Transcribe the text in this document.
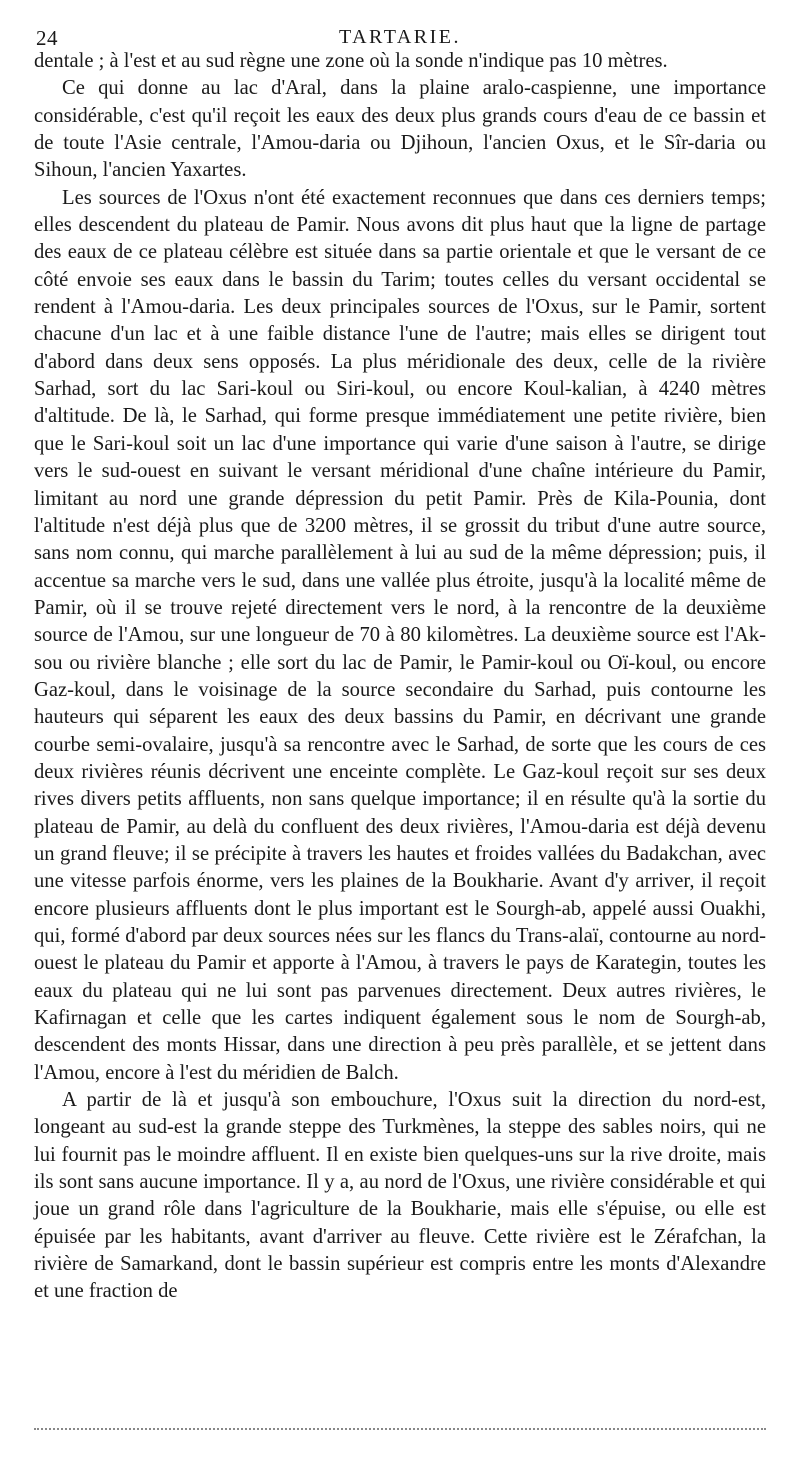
24	TARTARIE.

dentale ; à l'est et au sud règne une zone où la sonde n'indique pas 10 mètres.

Ce qui donne au lac d'Aral, dans la plaine aralo-caspienne, une importance considérable, c'est qu'il reçoit les eaux des deux plus grands cours d'eau de ce bassin et de toute l'Asie centrale, l'Amou-daria ou Djihoun, l'ancien Oxus, et le Sîr-daria ou Sihoun, l'ancien Yaxartes.

Les sources de l'Oxus n'ont été exactement reconnues que dans ces derniers temps; elles descendent du plateau de Pamir. Nous avons dit plus haut que la ligne de partage des eaux de ce plateau célèbre est située dans sa partie orientale et que le versant de ce côté envoie ses eaux dans le bassin du Tarim; toutes celles du versant occidental se rendent à l'Amou-daria. Les deux principales sources de l'Oxus, sur le Pamir, sortent chacune d'un lac et à une faible distance l'une de l'autre; mais elles se dirigent tout d'abord dans deux sens opposés. La plus méridionale des deux, celle de la rivière Sarhad, sort du lac Sari-koul ou Siri-koul, ou encore Koul-kalian, à 4240 mètres d'altitude. De là, le Sarhad, qui forme presque immédiatement une petite rivière, bien que le Sari-koul soit un lac d'une importance qui varie d'une saison à l'autre, se dirige vers le sud-ouest en suivant le versant méridional d'une chaîne intérieure du Pamir, limitant au nord une grande dépression du petit Pamir. Près de Kila-Pounia, dont l'altitude n'est déjà plus que de 3200 mètres, il se grossit du tribut d'une autre source, sans nom connu, qui marche parallèlement à lui au sud de la même dépression; puis, il accentue sa marche vers le sud, dans une vallée plus étroite, jusqu'à la localité même de Pamir, où il se trouve rejeté directement vers le nord, à la rencontre de la deuxième source de l'Amou, sur une longueur de 70 à 80 kilomètres. La deuxième source est l'Ak-sou ou rivière blanche ; elle sort du lac de Pamir, le Pamir-koul ou Oï-koul, ou encore Gaz-koul, dans le voisinage de la source secondaire du Sarhad, puis contourne les hauteurs qui séparent les eaux des deux bassins du Pamir, en décrivant une grande courbe semi-ovalaire, jusqu'à sa rencontre avec le Sarhad, de sorte que les cours de ces deux rivières réunis décrivent une enceinte complète. Le Gaz-koul reçoit sur ses deux rives divers petits affluents, non sans quelque importance; il en résulte qu'à la sortie du plateau de Pamir, au delà du confluent des deux rivières, l'Amou-daria est déjà devenu un grand fleuve; il se précipite à travers les hautes et froides vallées du Badakchan, avec une vitesse parfois énorme, vers les plaines de la Boukharie. Avant d'y arriver, il reçoit encore plusieurs affluents dont le plus important est le Sourgh-ab, appelé aussi Ouakhi, qui, formé d'abord par deux sources nées sur les flancs du Trans-alaï, contourne au nord-ouest le plateau du Pamir et apporte à l'Amou, à travers le pays de Karategin, toutes les eaux du plateau qui ne lui sont pas parvenues directement. Deux autres rivières, le Kafirnagan et celle que les cartes indiquent également sous le nom de Sourgh-ab, descendent des monts Hissar, dans une direction à peu près parallèle, et se jettent dans l'Amou, encore à l'est du méridien de Balch.

A partir de là et jusqu'à son embouchure, l'Oxus suit la direction du nord-est, longeant au sud-est la grande steppe des Turkmènes, la steppe des sables noirs, qui ne lui fournit pas le moindre affluent. Il en existe bien quelques-uns sur la rive droite, mais ils sont sans aucune importance. Il y a, au nord de l'Oxus, une rivière considérable et qui joue un grand rôle dans l'agriculture de la Boukharie, mais elle s'épuise, ou elle est épuisée par les habitants, avant d'arriver au fleuve. Cette rivière est le Zérafchan, la rivière de Samarkand, dont le bassin supérieur est compris entre les monts d'Alexandre et une fraction de
